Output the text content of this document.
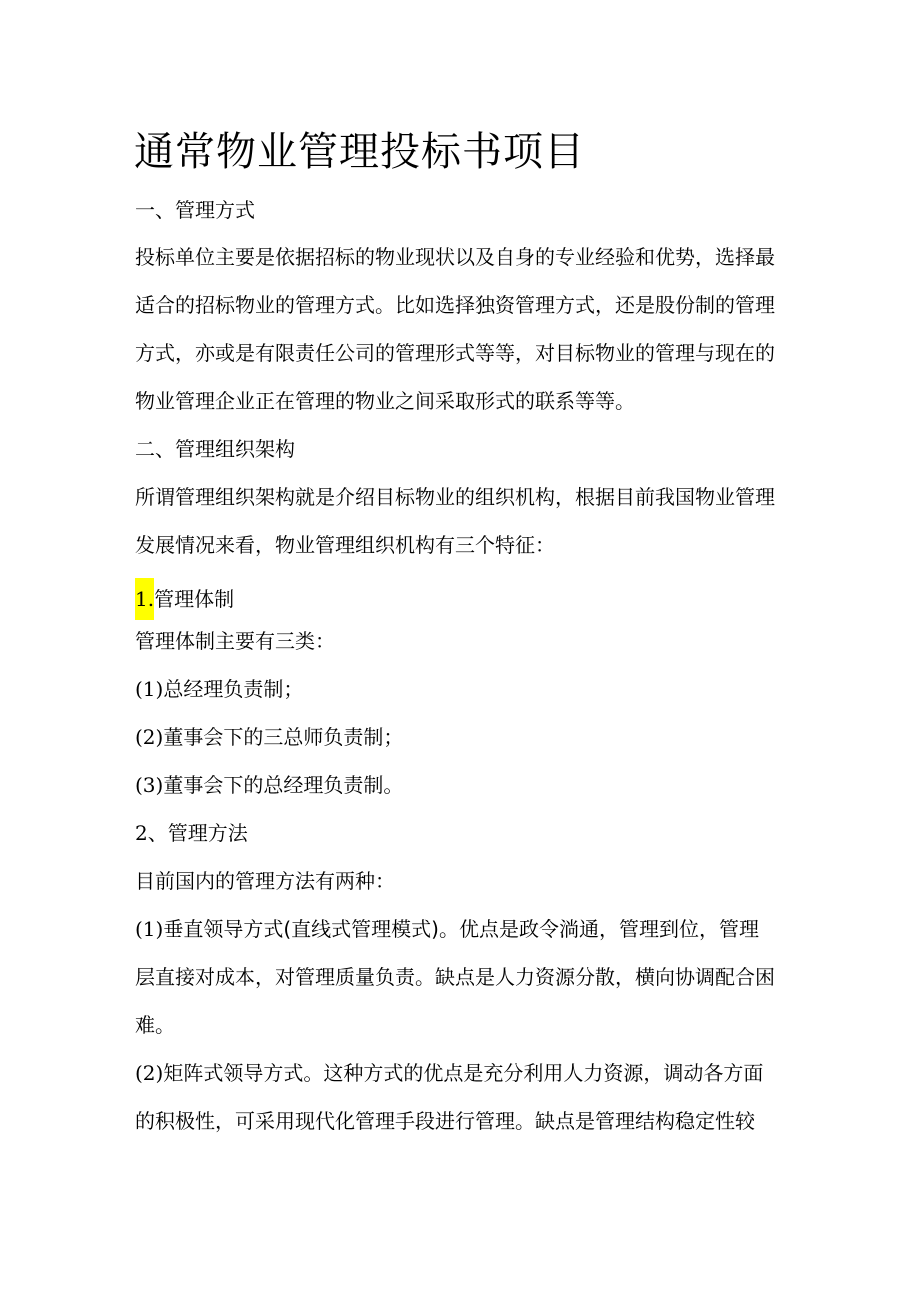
通常物业管理投标书项目

一、管理方式

投标单位主要是依据招标的物业现状以及自身的专业经验和优势，选择最

适合的招标物业的管理方式。比如选择独资管理方式，还是股份制的管理

方式，亦或是有限责任公司的管理形式等等，对目标物业的管理与现在的

物业管理企业正在管理的物业之间采取形式的联系等等。

二、管理组织架构

所谓管理组织架构就是介绍目标物业的组织机构，根据目前我国物业管理

发展情况来看，物业管理组织机构有三个特征：

1.管理体制

管理体制主要有三类：

(1)总经理负责制；

(2)董事会下的三总师负责制；

(3)董事会下的总经理负责制。

2、管理方法

目前国内的管理方法有两种：

(1)垂直领导方式(直线式管理模式)。优点是政令淌通，管理到位，管理

层直接对成本，对管理质量负责。缺点是人力资源分散，横向协调配合困

难。

(2)矩阵式领导方式。这种方式的优点是充分利用人力资源，调动各方面

的积极性，可采用现代化管理手段进行管理。缺点是管理结构稳定性较
